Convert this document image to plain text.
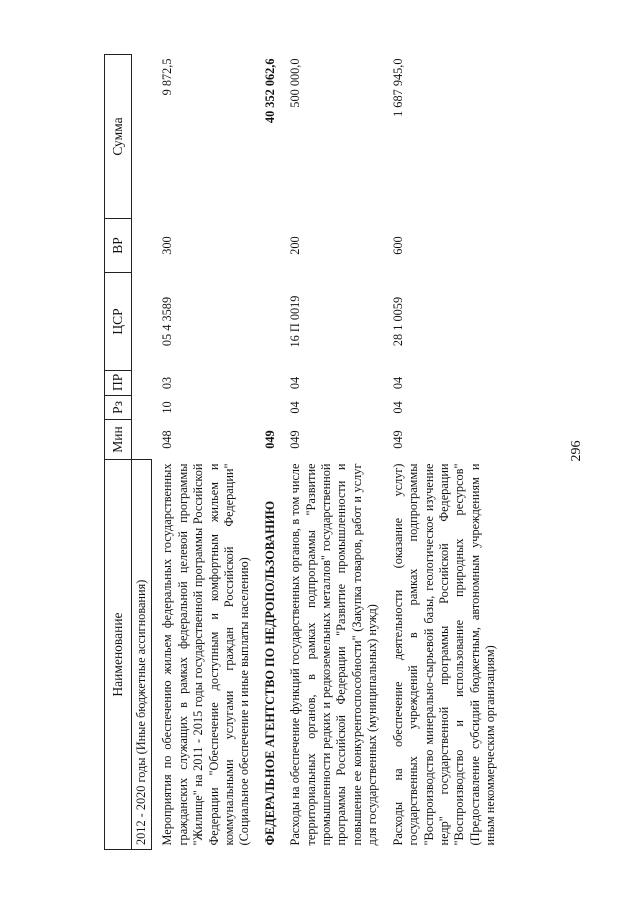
296
Наименование	Мин	Рз	ПР	ЦСР	ВР	Сумма
2012 - 2020 годы (Иные бюджетные ассигнования)						
Мероприятия по обеспечению жильем федеральных государственных гражданских служащих в рамках федеральной целевой программы "Жилище" на 2011 - 2015 годы государственной программы Российской Федерации "Обеспечение доступным и комфортным жильем и коммунальными услугами граждан Российской Федерации" (Социальное обеспечение и иные выплаты населению)	048	10	03	05 4 3589	300	9 872,5
ФЕДЕРАЛЬНОЕ АГЕНТСТВО ПО НЕДРОПОЛЬЗОВАНИЮ	049					40 352 062,6
Расходы на обеспечение функций государственных органов, в том числе территориальных органов, в рамках подпрограммы "Развитие промышленности редких и редкоземельных металлов" государственной программы Российской Федерации "Развитие промышленности и повышение ее конкурентоспособности" (Закупка товаров, работ и услуг для государственных (муниципальных) нужд)	049	04	04	16 П 0019	200	500 000,0
Расходы на обеспечение деятельности (оказание услуг) государственных учреждений в рамках подпрограммы "Воспроизводство минерально-сырьевой базы, геологическое изучение недр" государственной программы Российской Федерации "Воспроизводство и использование природных ресурсов" (Предоставление субсидий бюджетным, автономным учреждениям и иным некоммерческим организациям)	049	04	04	28 1 0059	600	1 687 945,0
